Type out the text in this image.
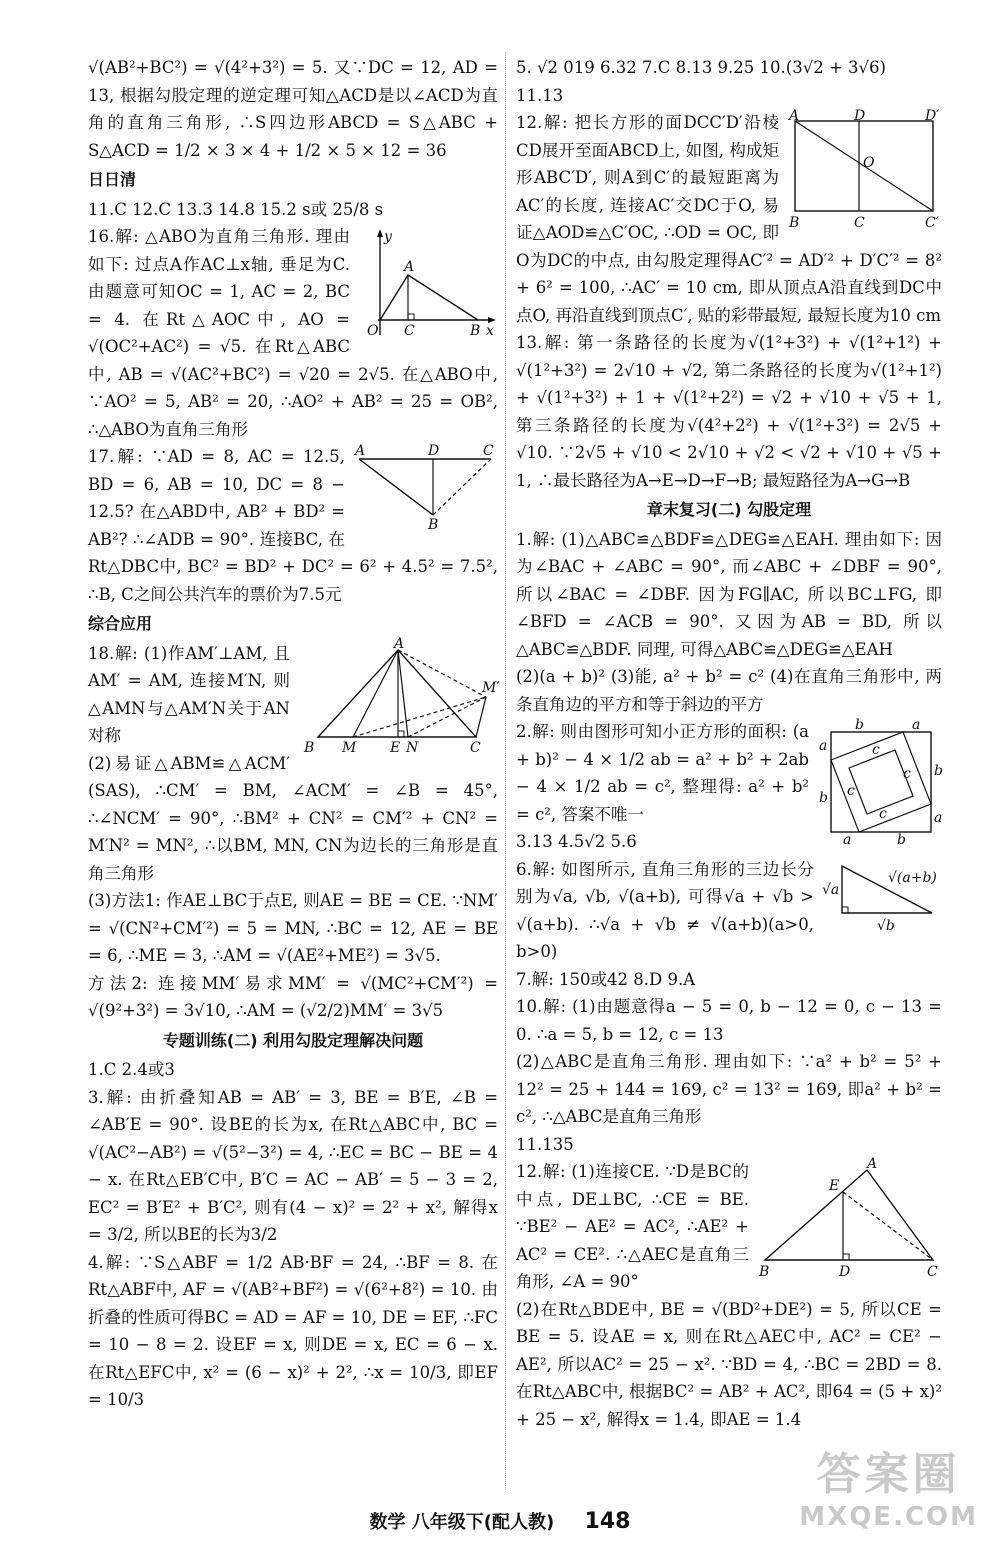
√(AB²+BC²) = √(4²+3²) = 5. 又∵DC = 12, AD = 13, 根据勾股定理的逆定理可知△ACD是以∠ACD为直角的直角三角形, ∴S四边形ABCD = S△ABC + S△ACD = 1/2 × 3 × 4 + 1/2 × 5 × 12 = 36

日日清

11.C 12.C 13.3 14.8 15.2 s或 25/8 s

y
A
O C	B x

16.解: △ABO为直角三角形. 理由如下: 过点A作AC⊥x轴, 垂足为C. 由题意可知OC = 1, AC = 2, BC = 4. 在Rt△AOC中, AO = √(OC²+AC²) = √5. 在Rt△ABC中, AB = √(AC²+BC²) = √20 = 2√5. 在△ABO中, ∵AO² = 5, AB² = 20, ∴AO² + AB² = 25 = OB², ∴△ABO为直角三角形

A	D	C
B

17.解: ∵AD = 8, AC = 12.5, BD = 6, AB = 10, DC = 8 − 12.5? 在△ABD中, AB² + BD² = AB²? ∴∠ADB = 90°. 连接BC, 在Rt△DBC中, BC² = BD² + DC² = 6² + 4.5² = 7.5², ∴B, C之间公共汽车的票价为7.5元

综合应用
A
B M E N	C
M′

18.解: (1)作AM′⊥AM, 且AM′ = AM, 连接M′N, 则△AMN与△AM′N关于AN对称

(2)易证△ABM≌△ACM′(SAS), ∴CM′ = BM, ∠ACM′ = ∠B = 45°, ∴∠NCM′ = 90°, ∴BM² + CN² = CM′² + CN² = M′N² = MN², ∴以BM, MN, CN为边长的三角形是直角三角形

(3)方法1: 作AE⊥BC于点E, 则AE = BE = CE. ∵NM′ = √(CN²+CM′²) = 5 = MN, ∴BC = 12, AE = BE = 6, ∴ME = 3, ∴AM = √(AE²+ME²) = 3√5.

方法2: 连接MM′易求MM′ = √(MC²+CM′²) = √(9²+3²) = 3√10, ∴AM = (√2/2)MM′ = 3√5

专题训练(二) 利用勾股定理解决问题

1.C 2.4或3

3.解: 由折叠知AB = AB′ = 3, BE = B′E, ∠B = ∠AB′E = 90°. 设BE的长为x, 在Rt△ABC中, BC = √(AC²−AB²) = √(5²−3²) = 4, ∴EC = BC − BE = 4 − x. 在Rt△EB′C中, B′C = AC − AB′ = 5 − 3 = 2, EC² = B′E² + B′C², 则有(4 − x)² = 2² + x², 解得x = 3/2, 所以BE的长为3/2

4.解: ∵S△ABF = 1/2 AB·BF = 24, ∴BF = 8. 在Rt△ABF中, AF = √(AB²+BF²) = √(6²+8²) = 10. 由折叠的性质可得BC = AD = AF = 10, DE = EF, ∴FC = 10 − 8 = 2. 设EF = x, 则DE = x, EC = 6 − x. 在Rt△EFC中, x² = (6 − x)² + 2², ∴x = 10/3, 即EF = 10/3

5. √2 019 6.32 7.C 8.13 9.25 10.(3√2 + 3√6)

11.13

A	D	D′
O
B	C	C′

12.解: 把长方形的面DCC′D′沿棱CD展开至面ABCD上, 如图, 构成矩形ABC′D′, 则A到C′的最短距离为AC′的长度, 连接AC′交DC于O, 易证△AOD≌△C′OC, ∴OD = OC, 即O为DC的中点, 由勾股定理得AC′² = AD′² + D′C′² = 8² + 6² = 100, ∴AC′ = 10 cm, 即从顶点A沿直线到DC中点O, 再沿直线到顶点C′, 贴的彩带最短, 最短长度为10 cm

13.解: 第一条路径的长度为√(1²+3²) + √(1²+1²) + √(1²+3²) = 2√10 + √2, 第二条路径的长度为√(1²+1²) + √(1²+3²) + 1 + √(1²+2²) = √2 + √10 + √5 + 1, 第三条路径的长度为√(4²+2²) + √(1²+3²) = 2√5 + √10. ∵2√5 + √10 < 2√10 + √2 < √2 + √10 + √5 + 1, ∴最长路径为A→E→D→F→B; 最短路径为A→G→B

章末复习(二) 勾股定理

1.解: (1)△ABC≌△BDF≌△DEG≌△EAH. 理由如下: 因为∠BAC + ∠ABC = 90°, 而∠ABC + ∠DBF = 90°, 所以∠BAC = ∠DBF. 因为FG∥AC, 所以BC⊥FG, 即∠BFD = ∠ACB = 90°. 又因为AB = BD, 所以△ABC≌△BDF. 同理, 可得△ABC≌△DEG≌△EAH

(2)(a + b)² (3)能, a² + b² = c² (4)在直角三角形中, 两条直角边的平方和等于斜边的平方

b	a
a
b
b
a
a	b
c
c
c
c

2.解: 则由图形可知小正方形的面积: (a + b)² − 4 × 1/2 ab = a² + b² + 2ab − 4 × 1/2 ab = c², 整理得: a² + b² = c², 答案不唯一

3.13 4.5√2 5.6

√a
√b
√(a+b)

6.解: 如图所示, 直角三角形的三边长分别为√a, √b, √(a+b), 可得√a + √b > √(a+b). ∴√a + √b ≠ √(a+b)(a>0, b>0)

7.解: 150或42 8.D 9.A

10.解: (1)由题意得a − 5 = 0, b − 12 = 0, c − 13 = 0. ∴a = 5, b = 12, c = 13

(2)△ABC是直角三角形. 理由如下: ∵a² + b² = 5² + 12² = 25 + 144 = 169, c² = 13² = 169, 即a² + b² = c², ∴△ABC是直角三角形

11.135

A
E
B	D	C

12.解: (1)连接CE. ∵D是BC的中点, DE⊥BC, ∴CE = BE. ∵BE² − AE² = AC², ∴AE² + AC² = CE². ∴△AEC是直角三角形, ∠A = 90°

(2)在Rt△BDE中, BE = √(BD²+DE²) = 5, 所以CE = BE = 5. 设AE = x, 则在Rt△AEC中, AC² = CE² − AE², 所以AC² = 25 − x². ∵BD = 4, ∴BC = 2BD = 8. 在Rt△ABC中, 根据BC² = AB² + AC², 即64 = (5 + x)² + 25 − x², 解得x = 1.4, 即AE = 1.4

数学 八年级下(配人教) 148
答案圈
MXQE.COM
